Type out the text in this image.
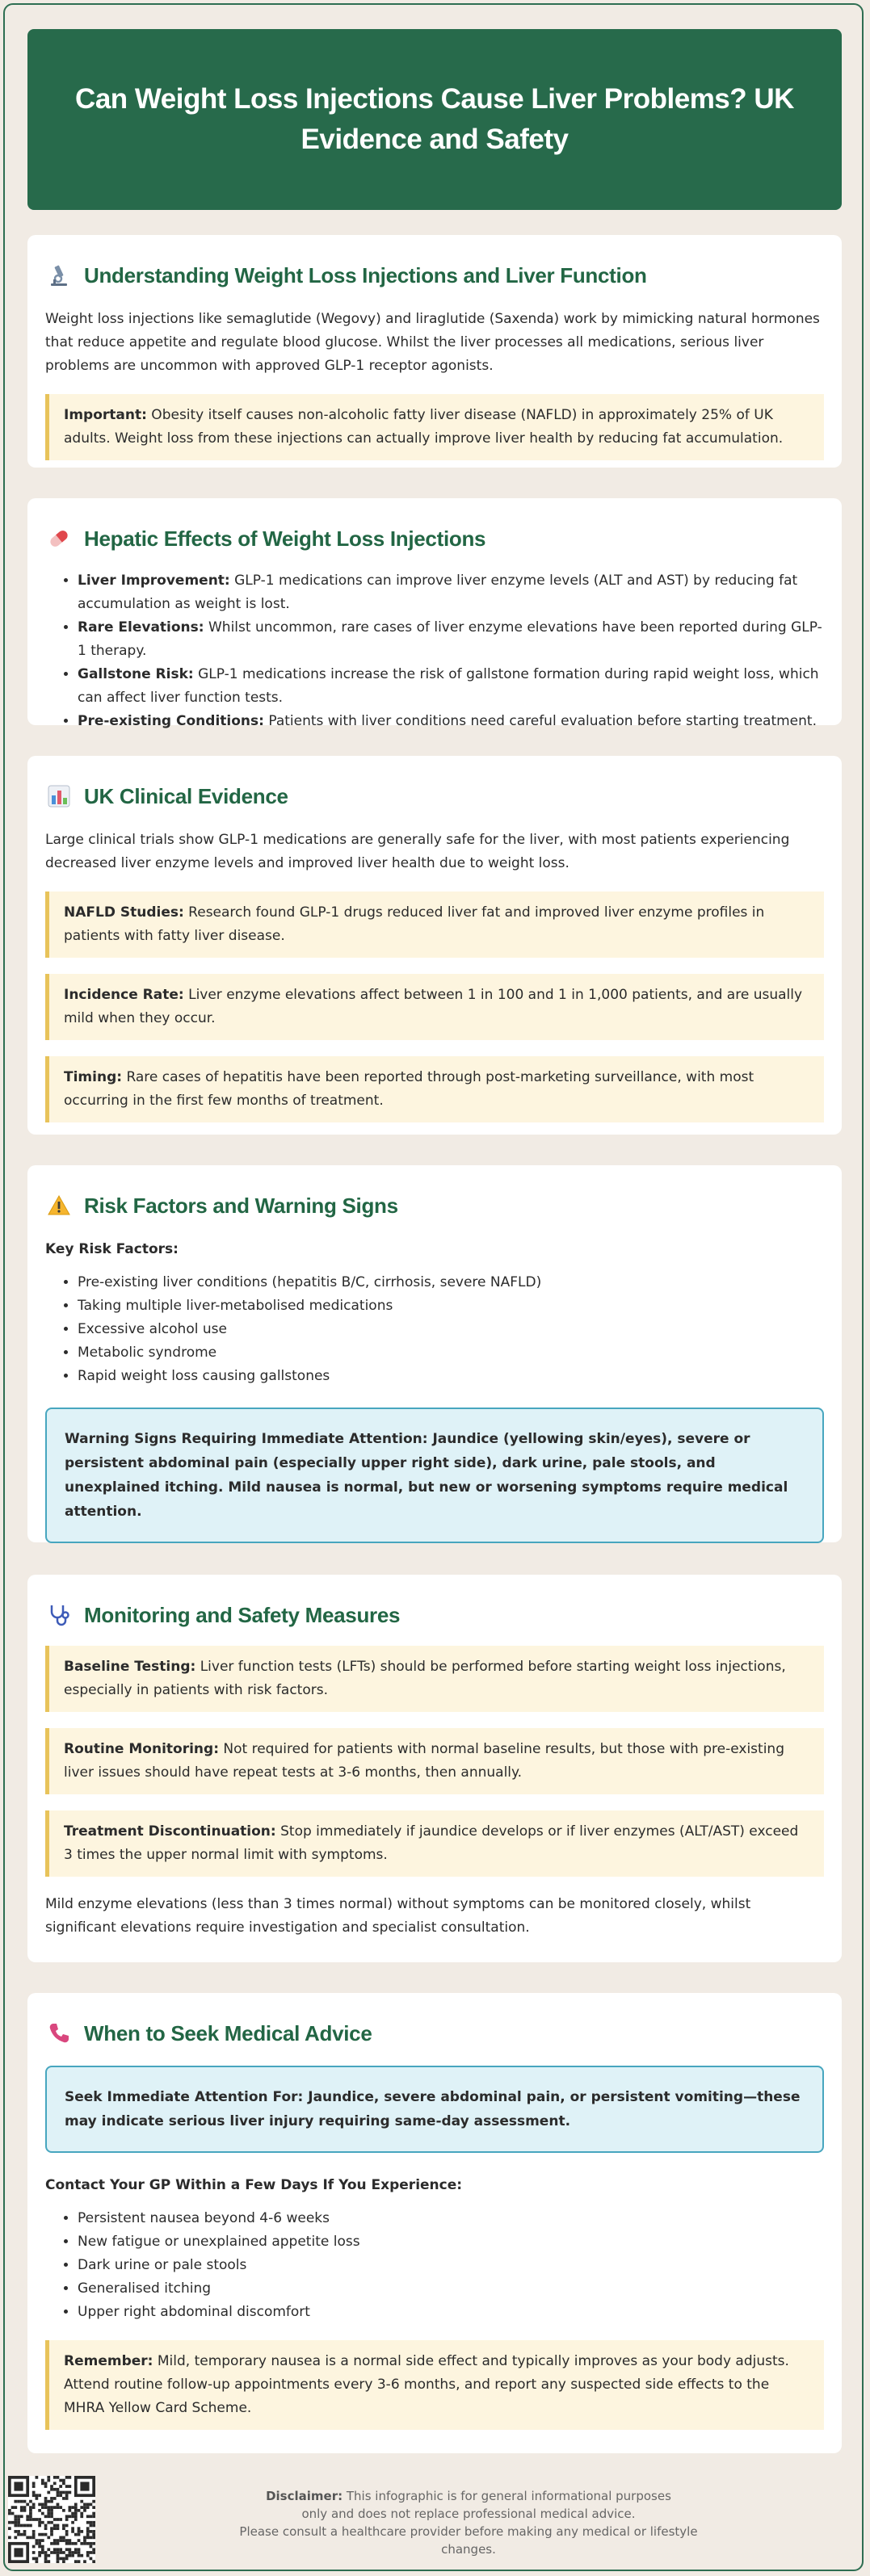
Can Weight Loss Injections Cause Liver Problems? UK Evidence and Safety
Understanding Weight Loss Injections and Liver Function

Weight loss injections like semaglutide (Wegovy) and liraglutide (Saxenda) work by mimicking natural hormones that reduce appetite and regulate blood glucose. Whilst the liver processes all medications, serious liver problems are uncommon with approved GLP-1 receptor agonists.

Important: Obesity itself causes non-alcoholic fatty liver disease (NAFLD) in approximately 25% of UK adults. Weight loss from these injections can actually improve liver health by reducing fat accumulation.
Hepatic Effects of Weight Loss Injections
• Liver Improvement: GLP-1 medications can improve liver enzyme levels (ALT and AST) by reducing fat accumulation as weight is lost.
• Rare Elevations: Whilst uncommon, rare cases of liver enzyme elevations have been reported during GLP-1 therapy.
• Gallstone Risk: GLP-1 medications increase the risk of gallstone formation during rapid weight loss, which can affect liver function tests.
• Pre-existing Conditions: Patients with liver conditions need careful evaluation before starting treatment.
UK Clinical Evidence

Large clinical trials show GLP-1 medications are generally safe for the liver, with most patients experiencing decreased liver enzyme levels and improved liver health due to weight loss.

NAFLD Studies: Research found GLP-1 drugs reduced liver fat and improved liver enzyme profiles in patients with fatty liver disease.
Incidence Rate: Liver enzyme elevations affect between 1 in 100 and 1 in 1,000 patients, and are usually mild when they occur.
Timing: Rare cases of hepatitis have been reported through post-marketing surveillance, with most occurring in the first few months of treatment.
Risk Factors and Warning Signs
Key Risk Factors:
• Pre-existing liver conditions (hepatitis B/C, cirrhosis, severe NAFLD)
• Taking multiple liver-metabolised medications
• Excessive alcohol use
• Metabolic syndrome
• Rapid weight loss causing gallstones
Warning Signs Requiring Immediate Attention: Jaundice (yellowing skin/eyes), severe or persistent abdominal pain (especially upper right side), dark urine, pale stools, and unexplained itching. Mild nausea is normal, but new or worsening symptoms require medical attention.
Monitoring and Safety Measures
Baseline Testing: Liver function tests (LFTs) should be performed before starting weight loss injections, especially in patients with risk factors.
Routine Monitoring: Not required for patients with normal baseline results, but those with pre-existing liver issues should have repeat tests at 3-6 months, then annually.
Treatment Discontinuation: Stop immediately if jaundice develops or if liver enzymes (ALT/AST) exceed 3 times the upper normal limit with symptoms.

Mild enzyme elevations (less than 3 times normal) without symptoms can be monitored closely, whilst significant elevations require investigation and specialist consultation.

When to Seek Medical Advice
Seek Immediate Attention For: Jaundice, severe abdominal pain, or persistent vomiting—these may indicate serious liver injury requiring same-day assessment.
Contact Your GP Within a Few Days If You Experience:
• Persistent nausea beyond 4-6 weeks
• New fatigue or unexplained appetite loss
• Dark urine or pale stools
• Generalised itching
• Upper right abdominal discomfort
Remember: Mild, temporary nausea is a normal side effect and typically improves as your body adjusts. Attend routine follow-up appointments every 3-6 months, and report any suspected side effects to the MHRA Yellow Card Scheme.
Disclaimer: This infographic is for general informational purposes
only and does not replace professional medical advice.
Please consult a healthcare provider before making any medical or lifestyle changes.
